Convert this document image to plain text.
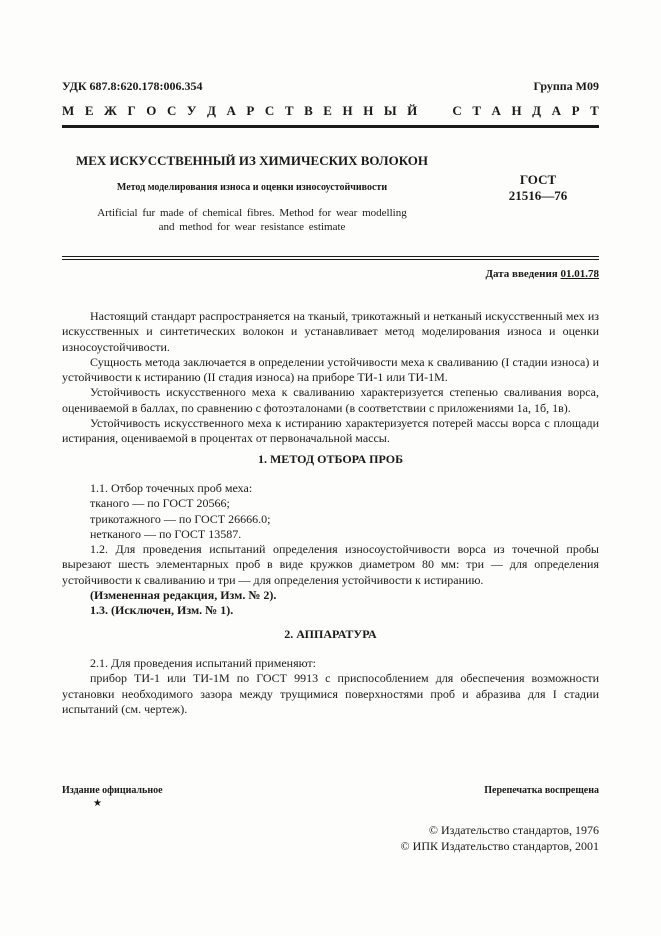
УДК 687.8:620.178:006.354	Группа М09
М Е Ж Г О С У Д А Р С Т В Е Н Н Ы Й	С Т А Н Д А Р Т
МЕХ ИСКУССТВЕННЫЙ ИЗ ХИМИЧЕСКИХ ВОЛОКОН
Метод моделирования износа и оценки износоустойчивости
Artificial fur made of chemical fibres. Method for wear modelling
and method for wear resistance estimate
ГОСТ
21516—76
Дата введения 01.01.78

Настоящий стандарт распространяется на тканый, трикотажный и нетканый искусственный мех из искусственных и синтетических волокон и устанавливает метод моделирования износа и оценки износоустойчивости.

Сущность метода заключается в определении устойчивости меха к сваливанию (I стадии износа) и устойчивости к истиранию (II стадия износа) на приборе ТИ-1 или ТИ-1М.

Устойчивость искусственного меха к сваливанию характеризуется степенью сваливания ворса, оцениваемой в баллах, по сравнению с фотоэталонами (в соответствии с приложениями 1а, 1б, 1в).

Устойчивость искусственного меха к истиранию характеризуется потерей массы ворса с площади истирания, оцениваемой в процентах от первоначальной массы.

1. МЕТОД ОТБОРА ПРОБ

1.1. Отбор точечных проб меха:

тканого — по ГОСТ 20566;

трикотажного — по ГОСТ 26666.0;

нетканого — по ГОСТ 13587.

1.2. Для проведения испытаний определения износоустойчивости ворса из точечной пробы вырезают шесть элементарных проб в виде кружков диаметром 80 мм: три — для определения устойчивости к сваливанию и три — для определения устойчивости к истиранию.

(Измененная редакция, Изм. № 2).

1.3. (Исключен, Изм. № 1).

2. АППАРАТУРА

2.1. Для проведения испытаний применяют:

прибор ТИ-1 или ТИ-1М по ГОСТ 9913 с приспособлением для обеспечения возможности установки необходимого зазора между трущимися поверхностями проб и абразива для I стадии испытаний (см. чертеж).

Издание официальное
★
Перепечатка воспрещена
© Издательство стандартов, 1976
© ИПК Издательство стандартов, 2001
